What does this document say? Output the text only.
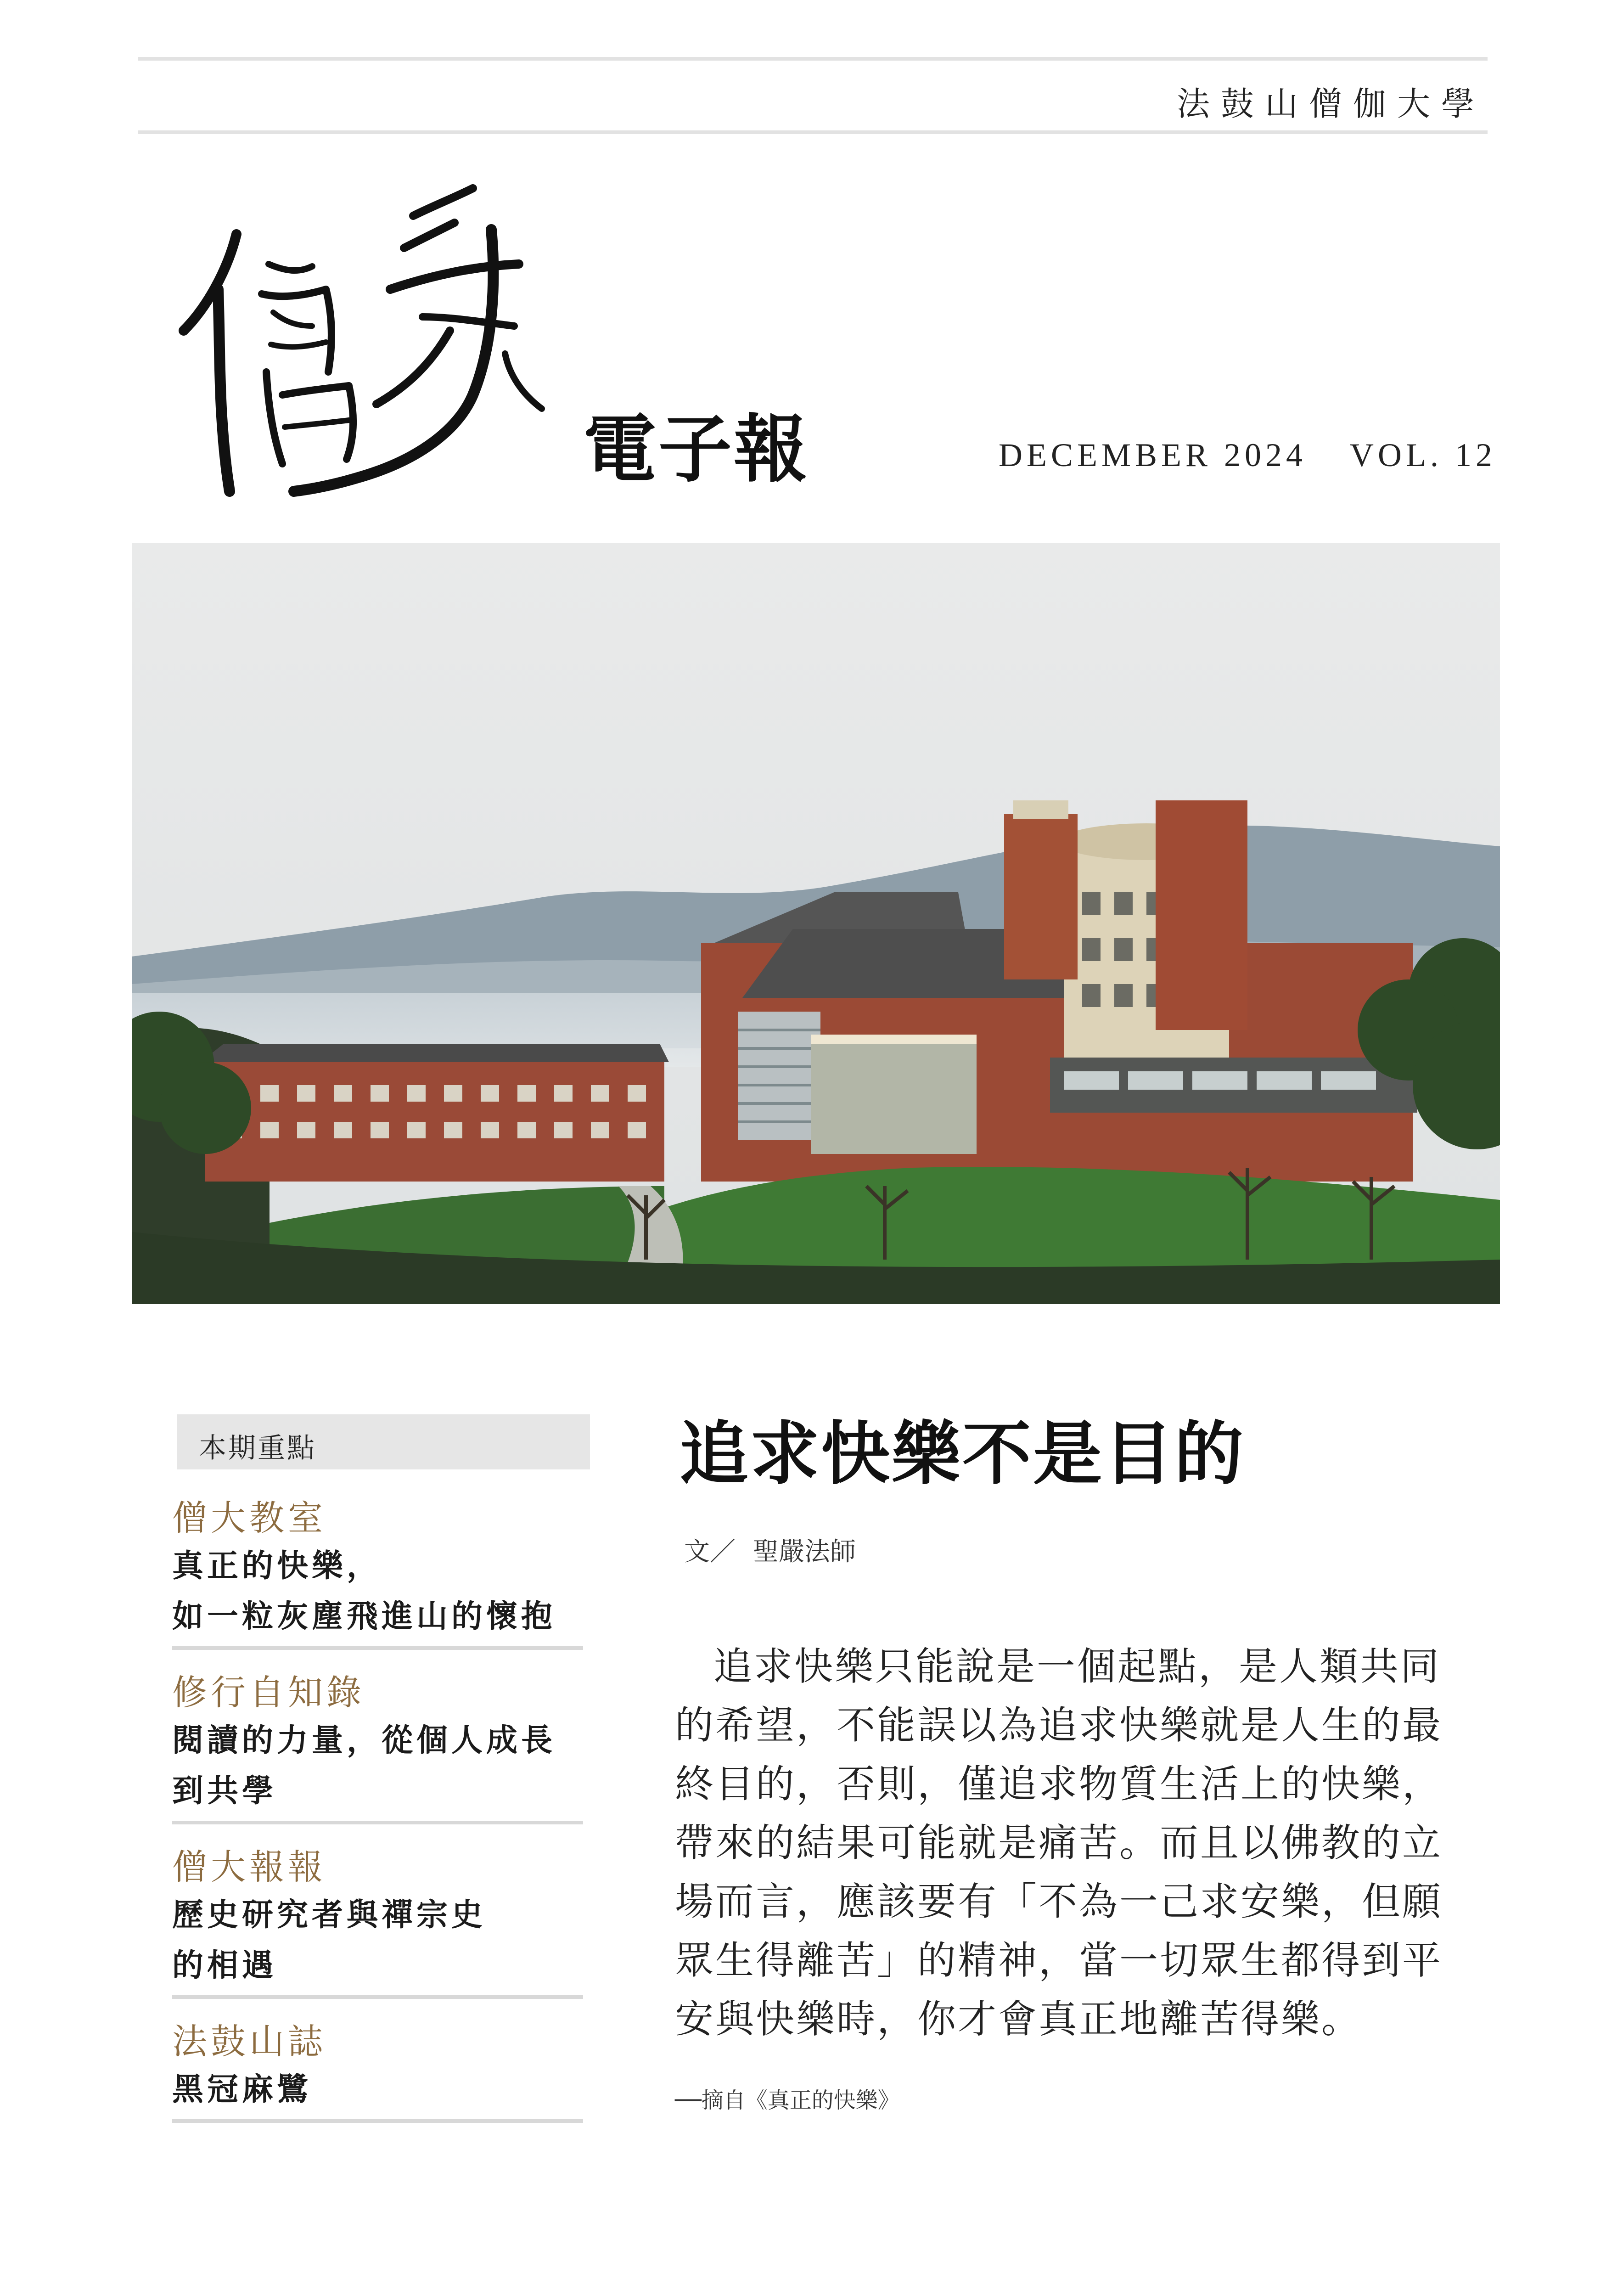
法鼓山僧伽大學
電子報	DECEMBER 2024 VOL. 12
本期重點
僧大教室
真正的快樂，
如一粒灰塵飛進山的懷抱
修行自知錄
閱讀的力量，從個人成長
到共學
僧大報報
歷史研究者與禪宗史
的相遇
法鼓山誌
黑冠麻鷺
追求快樂不是目的
文／ 聖嚴法師

追求快樂只能說是一個起點，是人類共同的希望，不能誤以為追求快樂就是人生的最終目的，否則，僅追求物質生活上的快樂，帶來的結果可能就是痛苦。而且以佛教的立場而言，應該要有「不為一己求安樂，但願眾生得離苦」的精神，當一切眾生都得到平安與快樂時，你才會真正地離苦得樂。

──摘自《真正的快樂》
